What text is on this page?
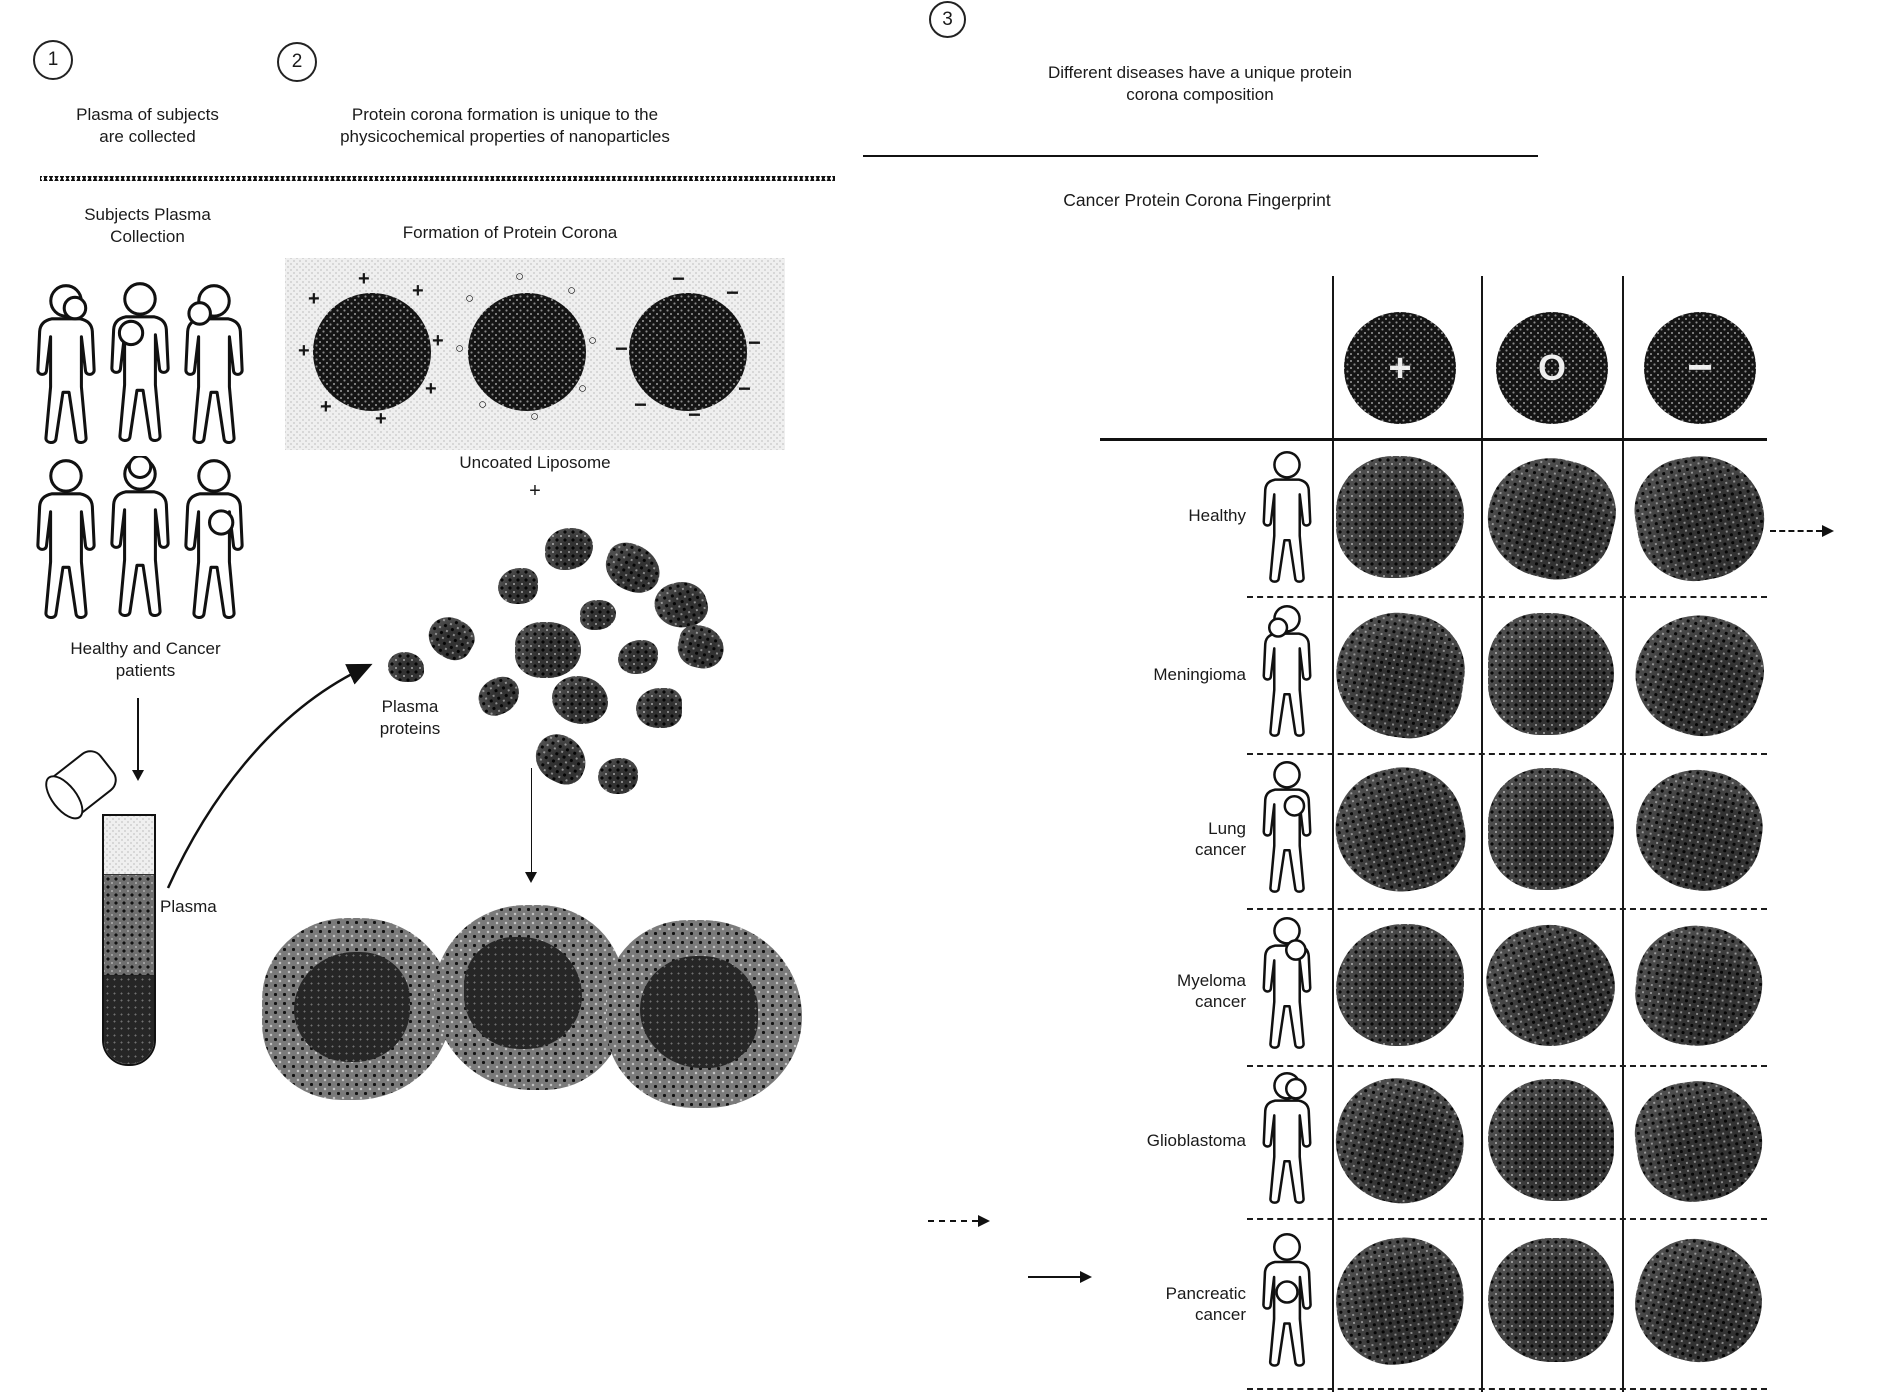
1
Plasma of subjects
are collected
Subjects Plasma
Collection
Healthy and Cancer
patients
Plasma
2
Protein corona formation is unique to the
physicochemical properties of nanoparticles
Formation of Protein Corona
+
+
+
+
+
+
+
+
○
○
○
○
○
○
○
○
−
−
−
−
−
−
−
Uncoated Liposome
+
Plasma
proteins
3
Different diseases have a unique protein
corona composition
Cancer Protein Corona Fingerprint
+	O	−
Healthy
Meningioma
Lung
cancer
Myeloma
cancer
Glioblastoma
Pancreatic
cancer
